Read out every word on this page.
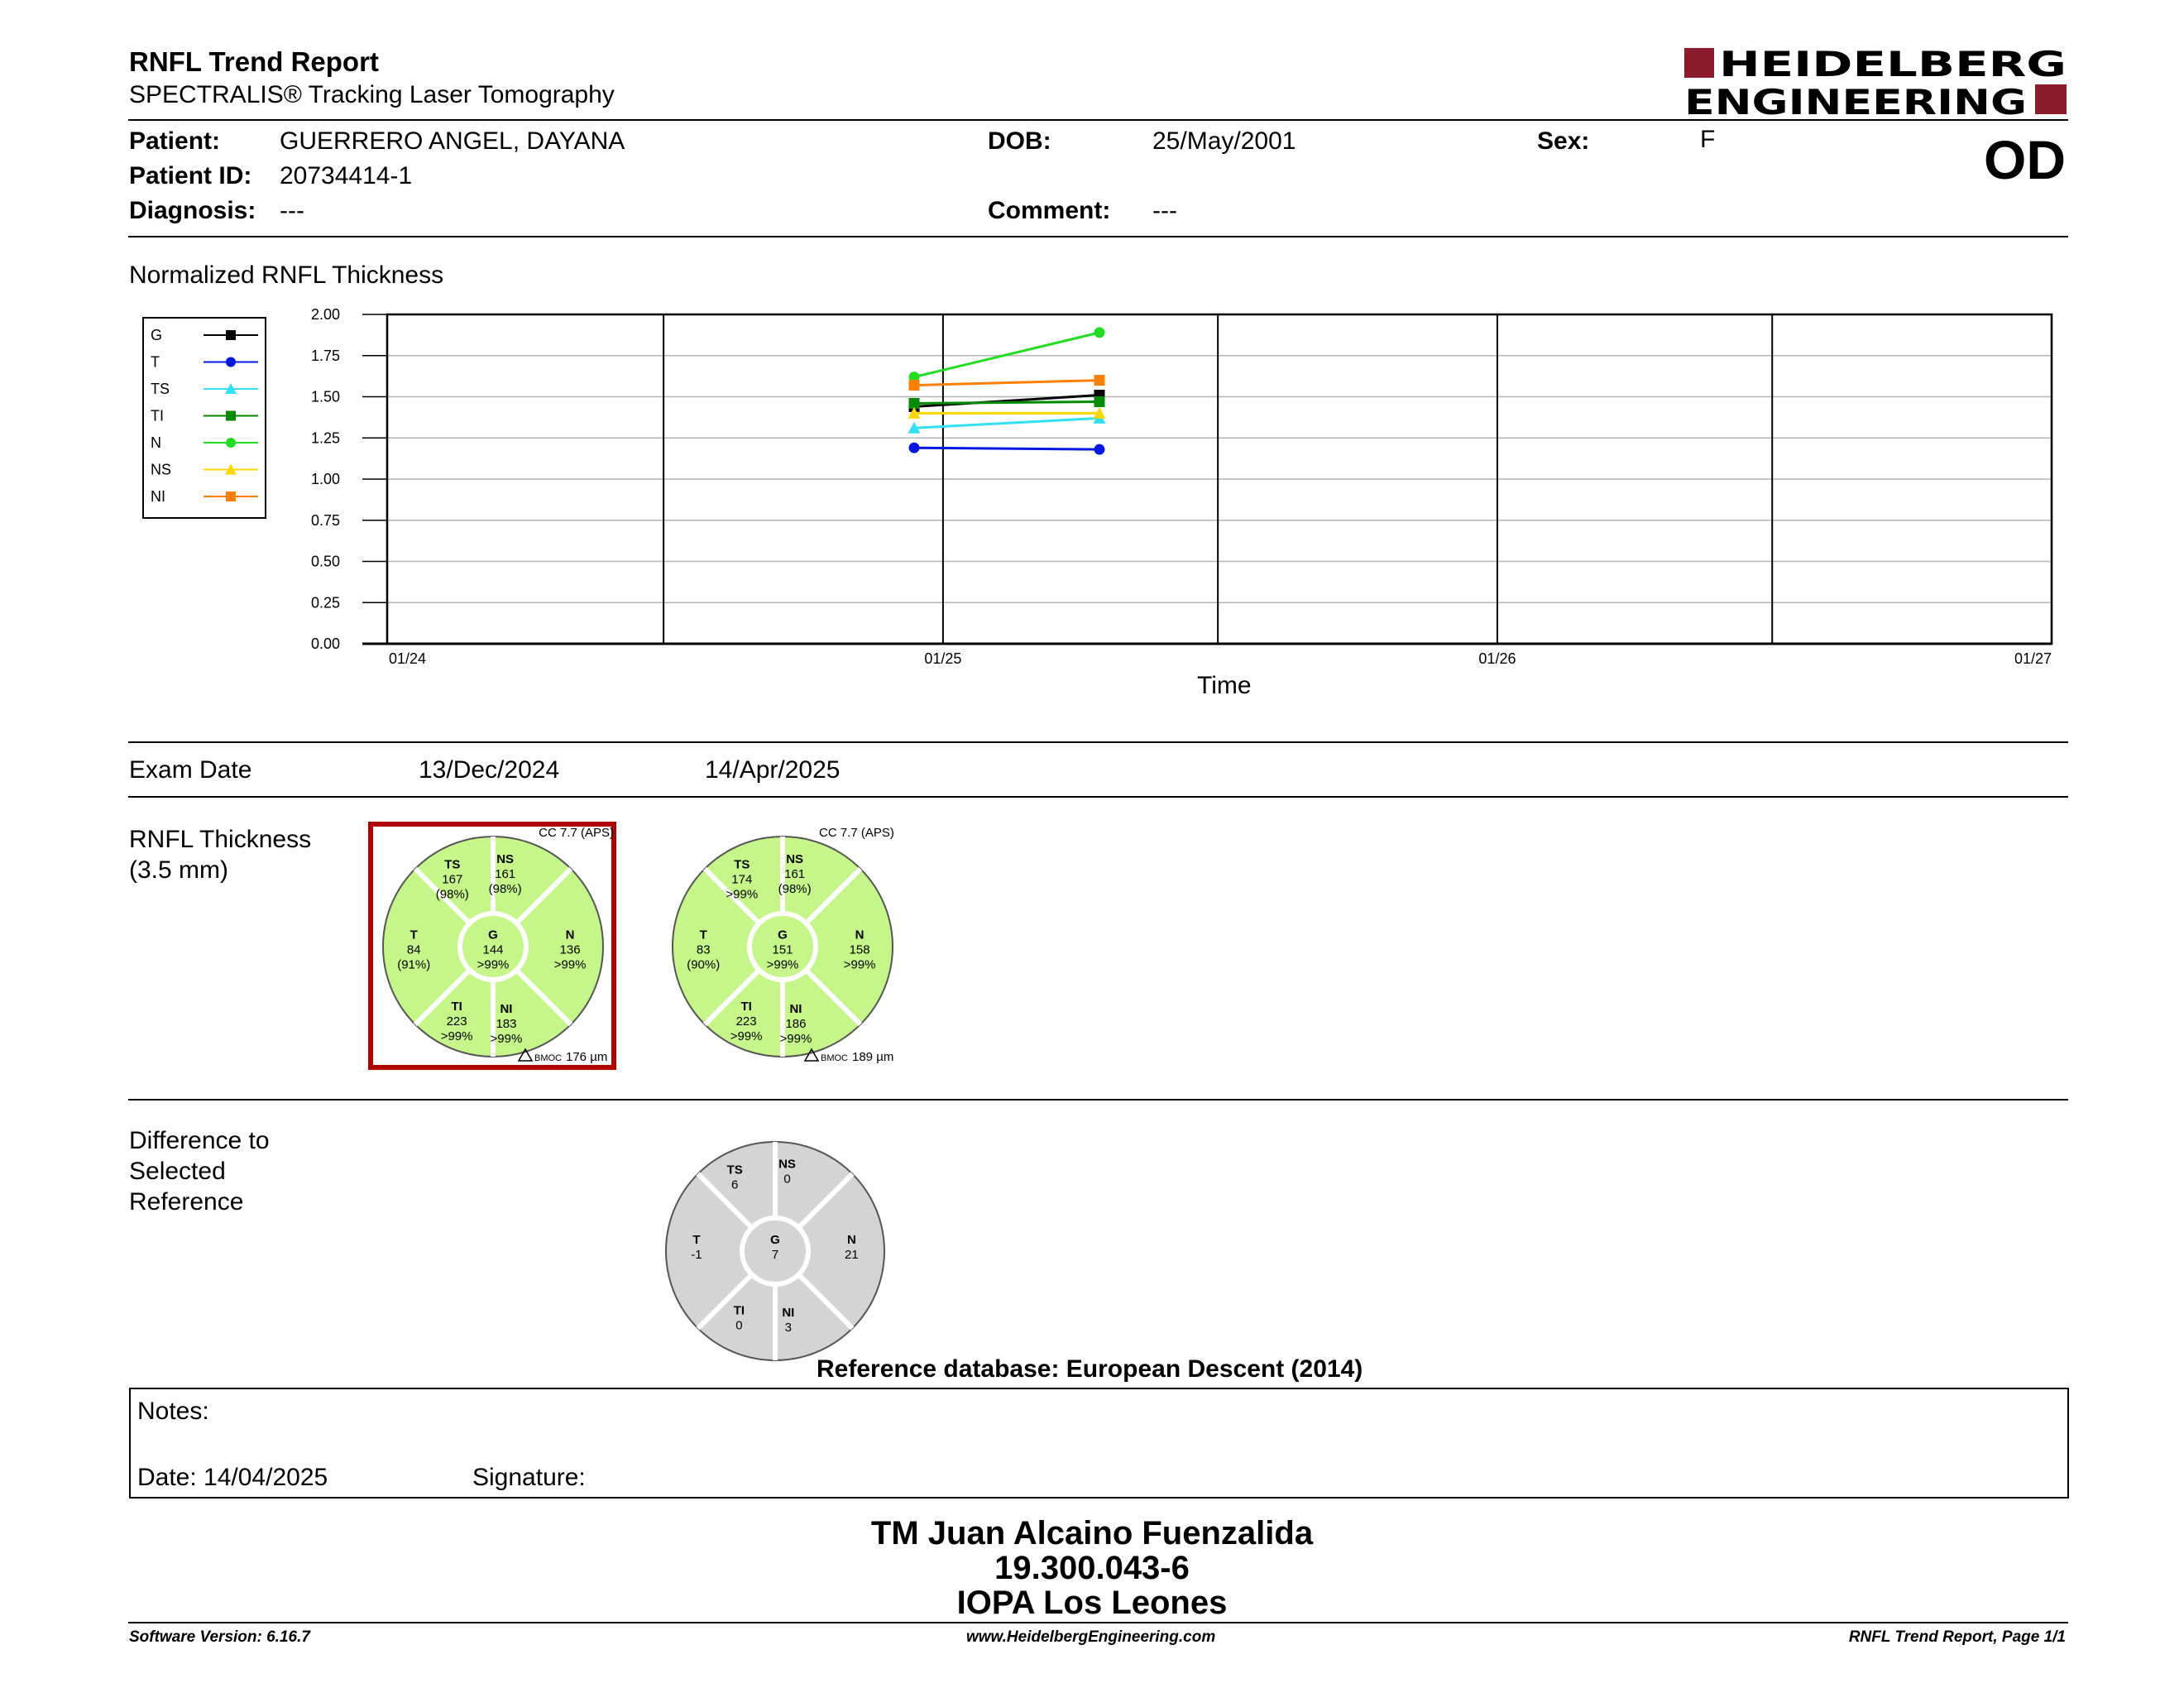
RNFL Trend Report
SPECTRALIS® Tracking Laser Tomography
HEIDELBERG
ENGINEERING
Patient: GUERRERO ANGEL, DAYANA
Patient ID: 20734414-1
Diagnosis: ---
DOB:	25/May/2001
Comment: ---
Sex:	F	OD
Normalized RNFL Thickness
G
T
TS
TI
N
NS
NI
0.00
0.25
0.50
0.75
1.00
1.25
1.50
1.75
2.00
01/24	01/25	01/26	01/27
Time
Exam Date	13/Dec/2024	14/Apr/2025
RNFL Thickness
(3.5 mm)	TS
167
(98%)
NS
161
(98%)
T
84
(91%)
G
144
>99%
N
136
>99%
TI
223
>99%
NI
183
>99%
CC 7.7 (APS)
BMOC 176 µm
TS
174
>99%
NS
161
(98%)
T
83
(90%)
G
151
>99%
N
158
>99%
TI
223
>99%
NI
186
>99%
CC 7.7 (APS)
BMOC 189 µm
Difference to
Selected
Reference
TS
6
NS
0
T
-1
G
7
N
21
TI
0
NI
3
Reference database: European Descent (2014)
Notes:
Date: 14/04/2025	Signature:
TM Juan Alcaino Fuenzalida
19.300.043-6
IOPA Los Leones
Software Version: 6.16.7	www.HeidelbergEngineering.com	RNFL Trend Report, Page 1/1
